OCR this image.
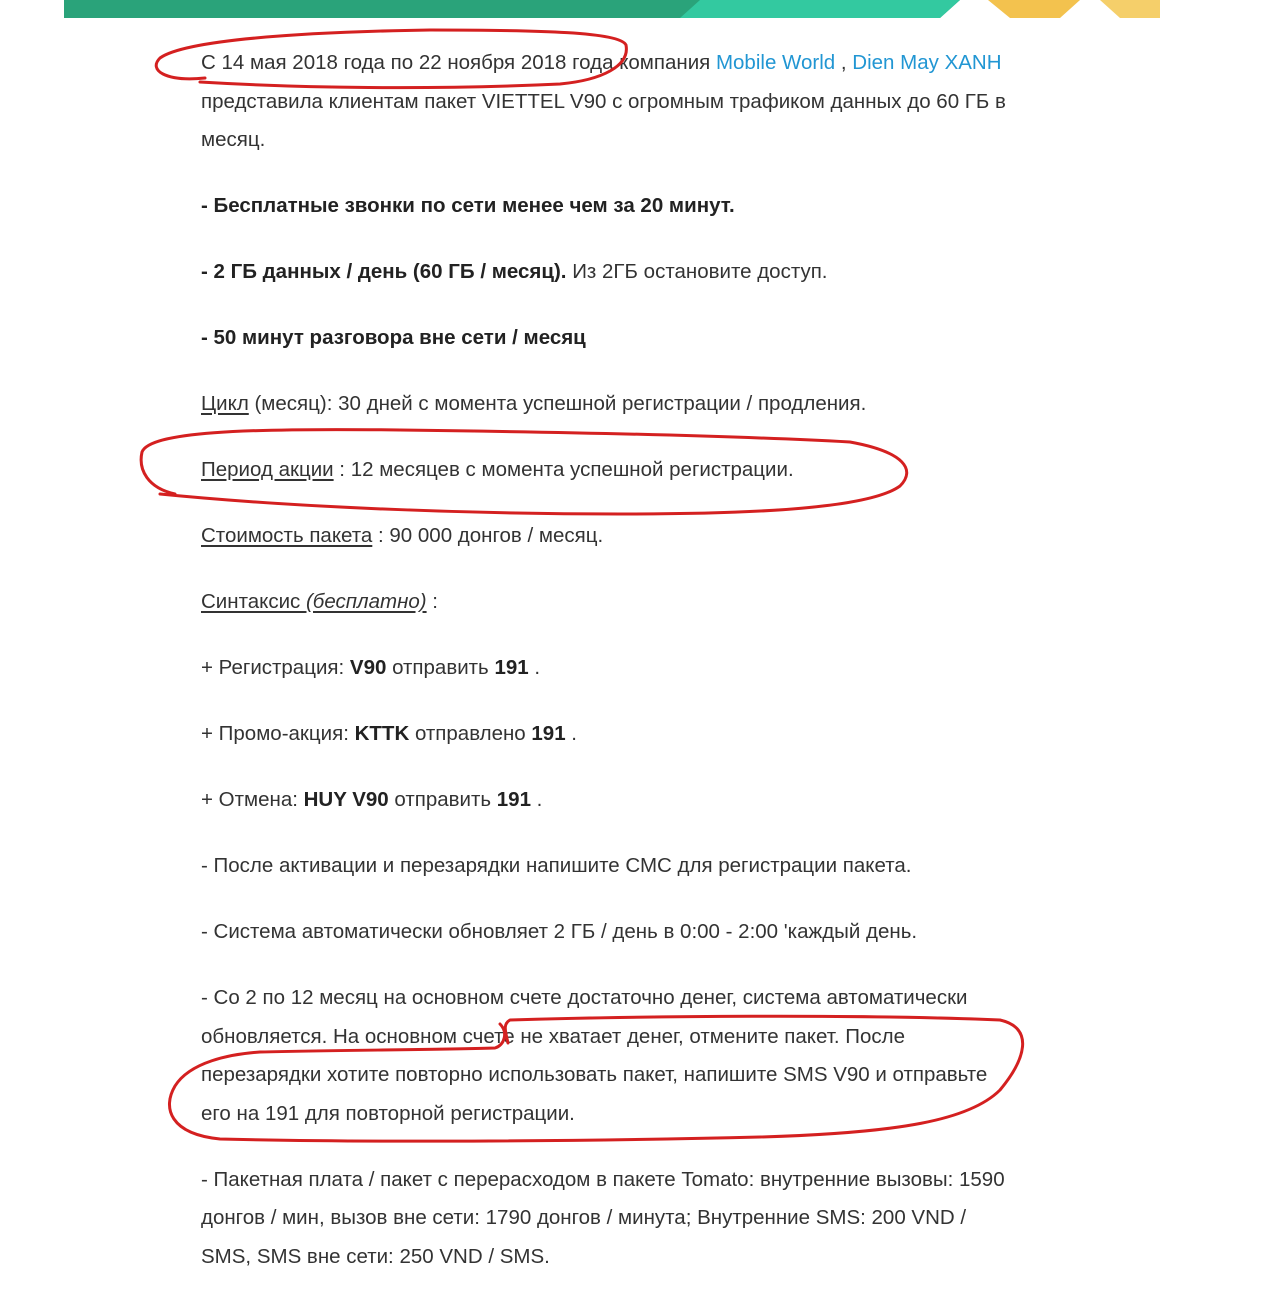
С 14 мая 2018 года по 22 ноября 2018 года компания Mobile World , Dien May XANH представила клиентам пакет VIETTEL V90 с огромным трафиком данных до 60 ГБ в месяц.

- Бесплатные звонки по сети менее чем за 20 минут.

- 2 ГБ данных / день (60 ГБ / месяц). Из 2ГБ остановите доступ.

- 50 минут разговора вне сети / месяц

Цикл (месяц): 30 дней с момента успешной регистрации / продления.

Период акции : 12 месяцев с момента успешной регистрации.

Стоимость пакета : 90 000 донгов / месяц.

Синтаксис (бесплатно) :

+ Регистрация: V90 отправить 191 .

+ Промо-акция: KTTK отправлено 191 .

+ Отмена: HUY V90 отправить 191 .

- После активации и перезарядки напишите СМС для регистрации пакета.

- Система автоматически обновляет 2 ГБ / день в 0:00 - 2:00 'каждый день.

- Со 2 по 12 месяц на основном счете достаточно денег, система автоматически обновляется. На основном счете не хватает денег, отмените пакет. После перезарядки хотите повторно использовать пакет, напишите SMS V90 и отправьте его на 191 для повторной регистрации.

- Пакетная плата / пакет с перерасходом в пакете Tomato: внутренние вызовы: 1590 донгов / мин, вызов вне сети: 1790 донгов / минута; Внутренние SMS: 200 VND / SMS, SMS вне сети: 250 VND / SMS.
